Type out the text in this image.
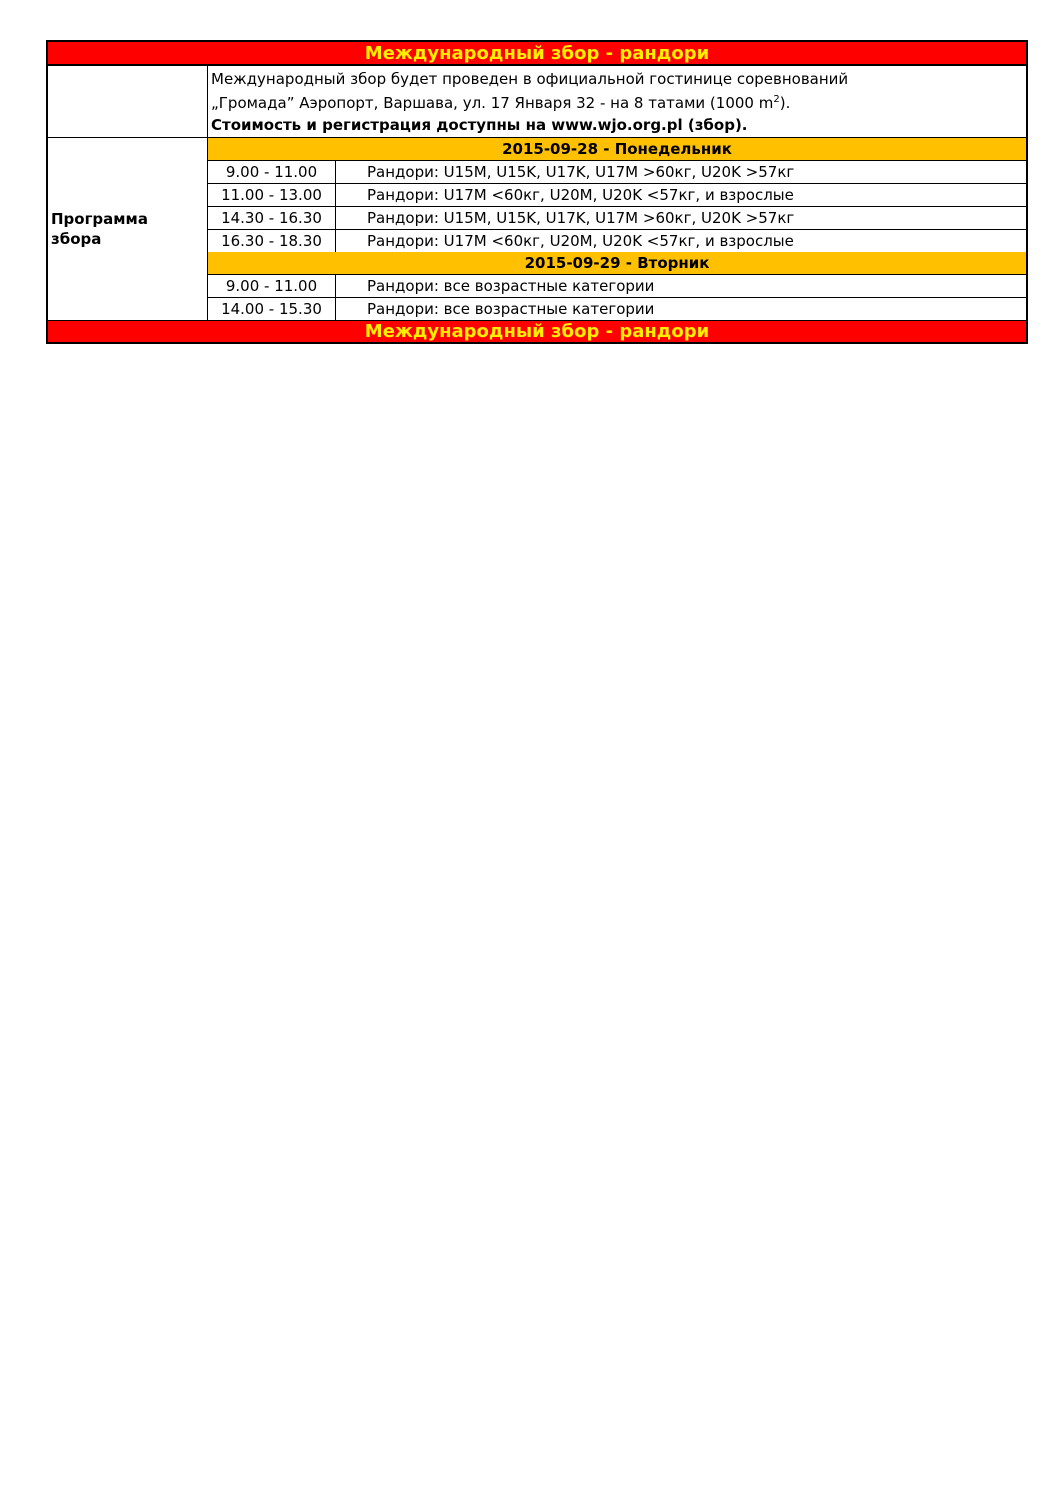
Международный збор - рандори
Международный збор будет проведен в официальной гостинице соревнований
„Громада” Аэропорт, Варшава, ул. 17 Января 32 - на 8 татами (1000 $m^2$).
Стоимость и регистрация доступны на www.wjo.org.pl (збор).
Программа
збора
2015-09-28 - Понедельник
9.00 - 11.00	Рандори: U15M, U15K, U17K, U17M >60кг, U20K >57кг
11.00 - 13.00	Рандори: U17M <60кг, U20M, U20K <57кг, и взрослые
14.30 - 16.30	Рандори: U15M, U15K, U17K, U17M >60кг, U20K >57кг
16.30 - 18.30	Рандори: U17M <60кг, U20M, U20K <57кг, и взрослые
2015-09-29 - Вторник
9.00 - 11.00	Рандори: все возрастные категории
14.00 - 15.30	Рандори: все возрастные категории
Международный збор - рандори
